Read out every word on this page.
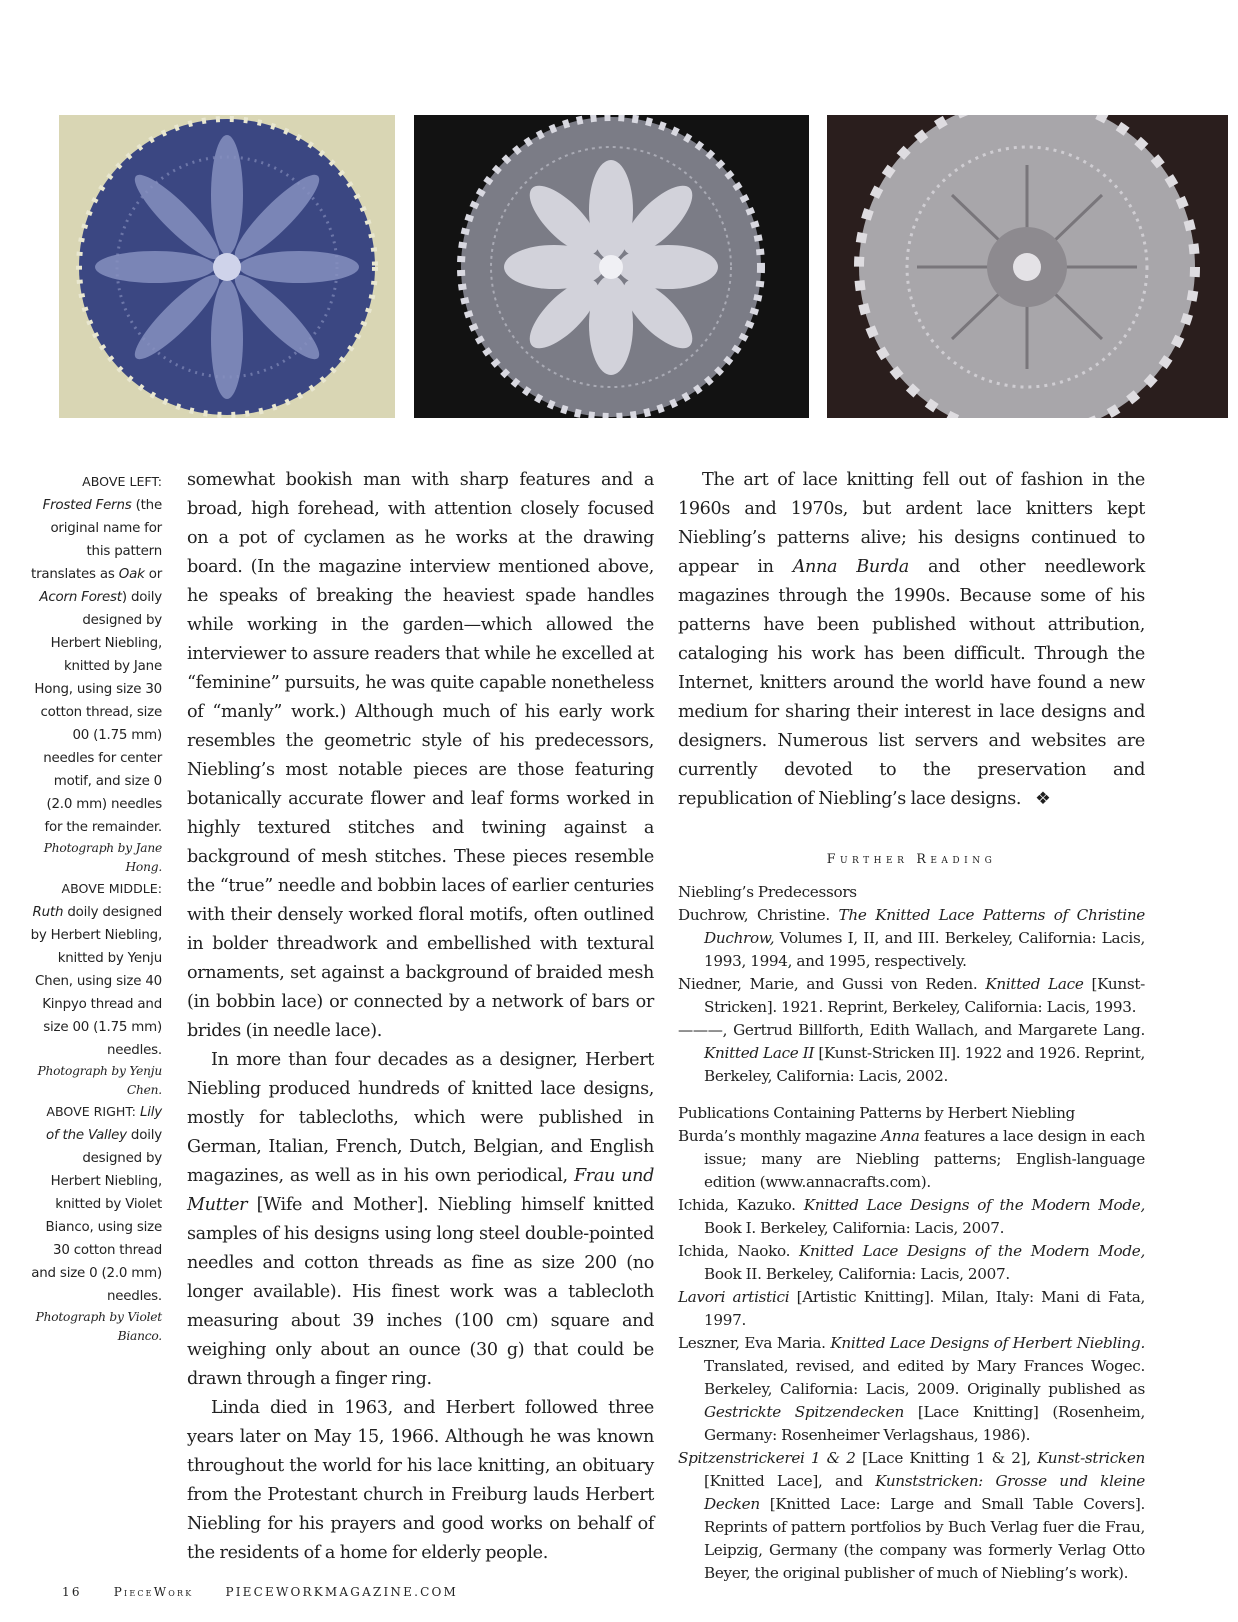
ABOVE LEFT:
Frosted Ferns (the original name for this pattern translates as Oak or Acorn Forest) doily designed by Herbert Niebling, knitted by Jane Hong, using size 30 cotton thread, size 00 (1.75 mm) needles for center motif, and size 0 (2.0 mm) needles for the remainder.
Photograph by Jane Hong.
ABOVE MIDDLE:
Ruth doily designed by Herbert Niebling, knitted by Yenju Chen, using size 40 Kinpyo thread and size 00 (1.75 mm) needles.
Photograph by Yenju Chen.
ABOVE RIGHT: Lily of the Valley doily designed by Herbert Niebling, knitted by Violet Bianco, using size 30 cotton thread and size 0 (2.0 mm) needles.
Photograph by Violet Bianco.

somewhat bookish man with sharp features and a broad, high forehead, with attention closely focused on a pot of cyclamen as he works at the drawing board. (In the magazine interview mentioned above, he speaks of breaking the heaviest spade handles while working in the garden—which allowed the interviewer to assure readers that while he excelled at “feminine” pursuits, he was quite capable nonetheless of “manly” work.) Although much of his early work resembles the geometric style of his predecessors, Niebling’s most notable pieces are those featuring botanically accurate flower and leaf forms worked in highly textured stitches and twining against a background of mesh stitches. These pieces resemble the “true” needle and bobbin laces of earlier centuries with their densely worked floral motifs, often outlined in bolder threadwork and embellished with textural ornaments, set against a background of braided mesh (in bobbin lace) or connected by a network of bars or brides (in needle lace).

In more than four decades as a designer, Herbert Niebling produced hundreds of knitted lace designs, mostly for tablecloths, which were published in German, Italian, French, Dutch, Belgian, and English magazines, as well as in his own periodical, Frau und Mutter [Wife and Mother]. Niebling himself knitted samples of his designs using long steel double-pointed needles and cotton threads as fine as size 200 (no longer available). His finest work was a tablecloth measuring about 39 inches (100 cm) square and weighing only about an ounce (30 g) that could be drawn through a finger ring.

Linda died in 1963, and Herbert followed three years later on May 15, 1966. Although he was known throughout the world for his lace knitting, an obituary from the Protestant church in Freiburg lauds Herbert Niebling for his prayers and good works on behalf of the residents of a home for elderly people.

The art of lace knitting fell out of fashion in the 1960s and 1970s, but ardent lace knitters kept Niebling’s patterns alive; his designs continued to appear in Anna Burda and other needlework magazines through the 1990s. Because some of his patterns have been published without attribution, cataloging his work has been difficult. Through the Internet, knitters around the world have found a new medium for sharing their interest in lace designs and designers. Numerous list servers and websites are currently devoted to the preservation and republication of Niebling’s lace designs. ❖

Further Reading
Niebling’s Predecessors
Duchrow, Christine. The Knitted Lace Patterns of Christine Duchrow, Volumes I, II, and III. Berkeley, California: Lacis, 1993, 1994, and 1995, respectively.
Niedner, Marie, and Gussi von Reden. Knitted Lace [Kunst-Stricken]. 1921. Reprint, Berkeley, California: Lacis, 1993.
———, Gertrud Billforth, Edith Wallach, and Margarete Lang. Knitted Lace II [Kunst-Stricken II]. 1922 and 1926. Reprint, Berkeley, California: Lacis, 2002.
Publications Containing Patterns by Herbert Niebling
Burda’s monthly magazine Anna features a lace design in each issue; many are Niebling patterns; English-language edition (www.annacrafts.com).
Ichida, Kazuko. Knitted Lace Designs of the Modern Mode, Book I. Berkeley, California: Lacis, 2007.
Ichida, Naoko. Knitted Lace Designs of the Modern Mode, Book II. Berkeley, California: Lacis, 2007.
Lavori artistici [Artistic Knitting]. Milan, Italy: Mani di Fata, 1997.
Leszner, Eva Maria. Knitted Lace Designs of Herbert Niebling. Translated, revised, and edited by Mary Frances Wogec. Berkeley, California: Lacis, 2009. Originally published as Gestrickte Spitzendecken [Lace Knitting] (Rosenheim, Germany: Rosenheimer Verlagshaus, 1986).
Spitzenstrickerei 1 & 2 [Lace Knitting 1 & 2], Kunst-stricken [Knitted Lace], and Kunststricken: Grosse und kleine Decken [Knitted Lace: Large and Small Table Covers]. Reprints of pattern portfolios by Buch Verlag fuer die Frau, Leipzig, Germany (the company was formerly Verlag Otto Beyer, the original publisher of much of Niebling’s work).
16	PieceWork	PIECEWORKMAGAZINE.COM
